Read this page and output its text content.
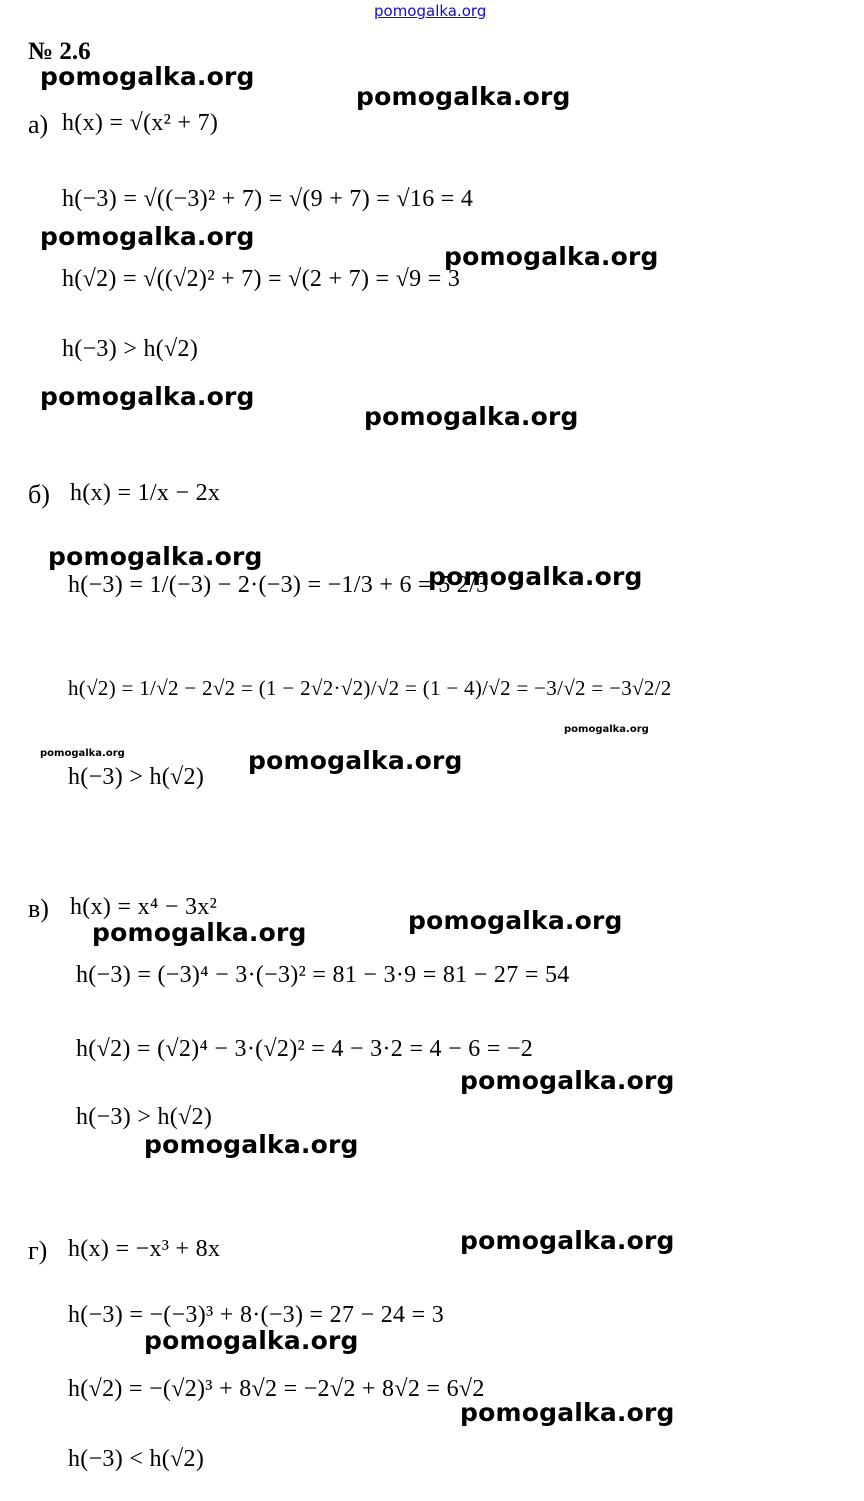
pomogalka.org
№ 2.6
а) h(x) = √(x² + 7)
h(−3) = √((−3)² + 7) = √(9 + 7) = √16 = 4
h(√2) = √((√2)² + 7) = √(2 + 7) = √9 = 3
h(−3) > h(√2)
б) h(x) = 1/x − 2x
h(−3) = 1/(−3) − 2·(−3) = −1/3 + 6 = 5 2/3
h(√2) = 1/√2 − 2√2 = (1 − 2√2·√2)/√2 = (1 − 4)/√2 = −3/√2 = −3√2/2
h(−3) > h(√2)
в) h(x) = x⁴ − 3x²
h(−3) = (−3)⁴ − 3·(−3)² = 81 − 3·9 = 81 − 27 = 54
h(√2) = (√2)⁴ − 3·(√2)² = 4 − 3·2 = 4 − 6 = −2
h(−3) > h(√2)
г) h(x) = −x³ + 8x
h(−3) = −(−3)³ + 8·(−3) = 27 − 24 = 3
h(√2) = −(√2)³ + 8√2 = −2√2 + 8√2 = 6√2
h(−3) < h(√2)
pomogalka.org
pomogalka.org
pomogalka.org
pomogalka.org
pomogalka.org
pomogalka.org
pomogalka.org
pomogalka.org
pomogalka.org
pomogalka.org	pomogalka.org
pomogalka.org
pomogalka.org
pomogalka.org
pomogalka.org
pomogalka.org
pomogalka.org
pomogalka.org
